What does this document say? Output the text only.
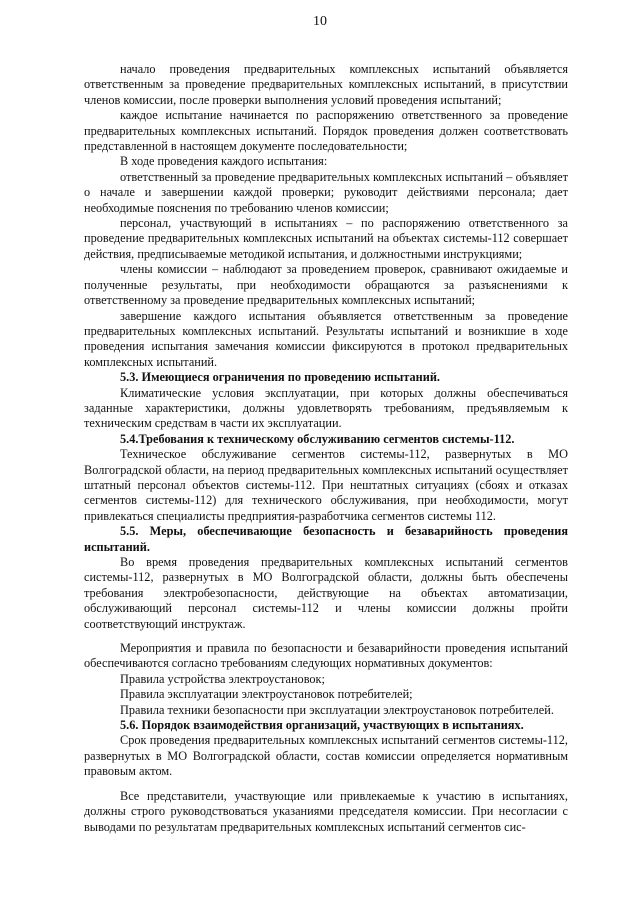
10

начало проведения предварительных комплексных испытаний объявляется ответственным за проведение предварительных комплексных испытаний, в присутствии членов комиссии, после проверки выполнения условий проведения испытаний;

каждое испытание начинается по распоряжению ответственного за проведение предварительных комплексных испытаний. Порядок проведения должен соответствовать представленной в настоящем документе последовательности;

В ходе проведения каждого испытания:

ответственный за проведение предварительных комплексных испытаний – объявляет о начале и завершении каждой проверки; руководит действиями персонала; дает необходимые пояснения по требованию членов комиссии;

персонал, участвующий в испытаниях – по распоряжению ответственного за проведение предварительных комплексных испытаний на объектах системы-112 совершает действия, предписываемые методикой испытания, и должностными инструкциями;

члены комиссии – наблюдают за проведением проверок, сравнивают ожидаемые и полученные результаты, при необходимости обращаются за разъяснениями к ответственному за проведение предварительных комплексных испытаний;

завершение каждого испытания объявляется ответственным за проведение предварительных комплексных испытаний. Результаты испытаний и возникшие в ходе проведения испытания замечания комиссии фиксируются в протокол предварительных комплексных испытаний.

5.3. Имеющиеся ограничения по проведению испытаний.

Климатические условия эксплуатации, при которых должны обеспечиваться заданные характеристики, должны удовлетворять требованиям, предъявляемым к техническим средствам в части их эксплуатации.

5.4.Требования к техническому обслуживанию сегментов системы-112.

Техническое обслуживание сегментов системы-112, развернутых в МО Волгоградской области, на период предварительных комплексных испытаний осуществляет штатный персонал объектов системы-112. При нештатных ситуациях (сбоях и отказах сегментов системы-112) для технического обслуживания, при необходимости, могут привлекаться специалисты предприятия-разработчика сегментов системы 112.

5.5. Меры, обеспечивающие безопасность и безаварийность проведения испытаний.

Во время проведения предварительных комплексных испытаний сегментов системы-112, развернутых в МО Волгоградской области, должны быть обеспечены требования электробезопасности, действующие на объектах автоматизации, обслуживающий персонал системы-112 и члены комиссии должны пройти соответствующий инструктаж.

Мероприятия и правила по безопасности и безаварийности проведения испытаний обеспечиваются согласно требованиям следующих нормативных документов:

Правила устройства электроустановок;

Правила эксплуатации электроустановок потребителей;

Правила техники безопасности при эксплуатации электроустановок потребителей.

5.6. Порядок взаимодействия организаций, участвующих в испытаниях.

Срок проведения предварительных комплексных испытаний сегментов системы-112, развернутых в МО Волгоградской области, состав комиссии определяется нормативным правовым актом.

Все представители, участвующие или привлекаемые к участию в испытаниях, должны строго руководствоваться указаниями председателя комиссии. При несогласии с выводами по результатам предварительных комплексных испытаний сегментов сис-
